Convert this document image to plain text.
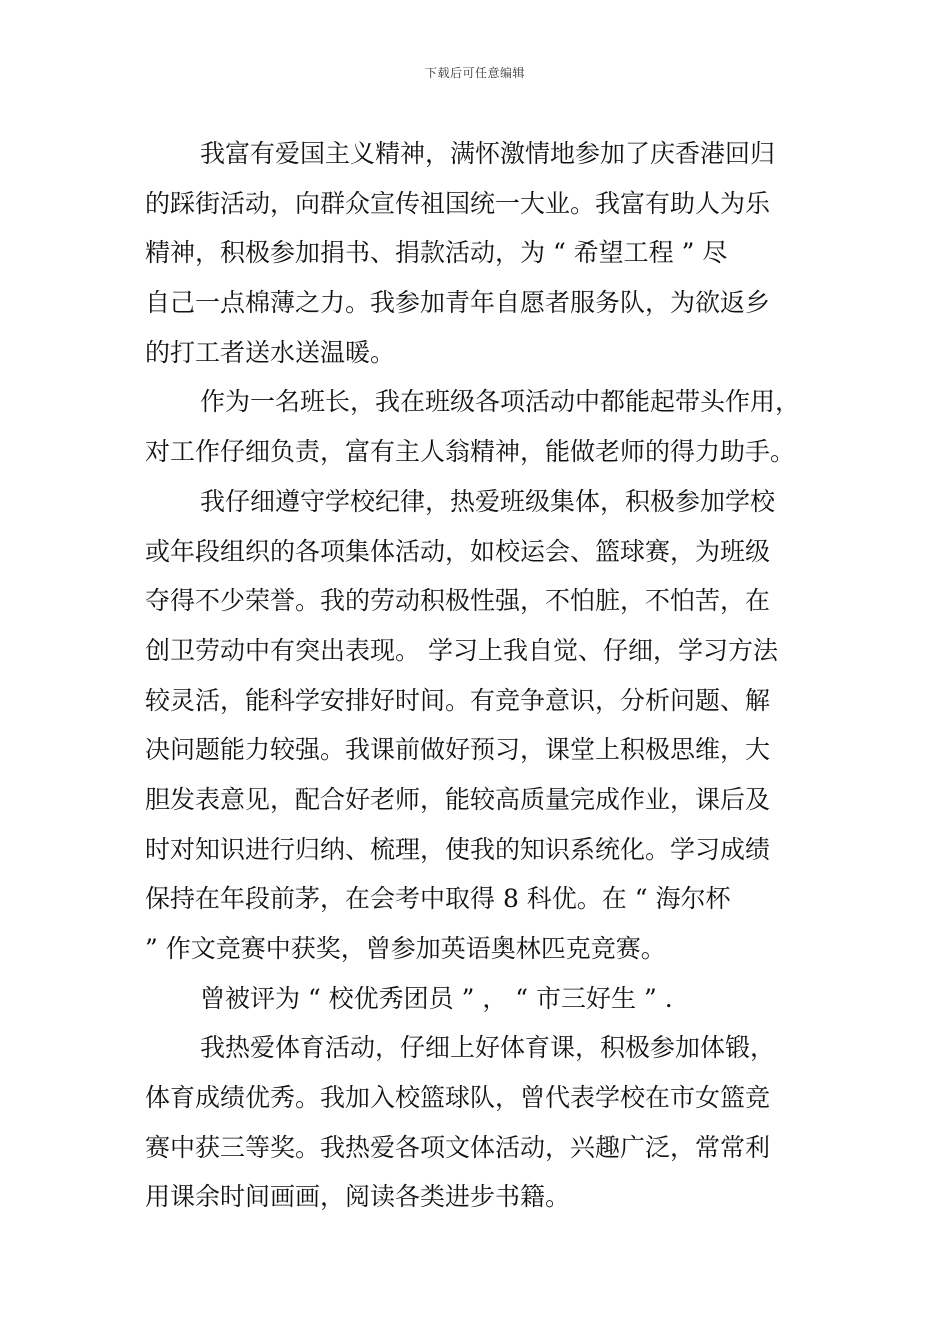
下载后可任意编辑
我富有爱国主义精神，满怀激情地参加了庆香港回归
的踩街活动，向群众宣传祖国统一大业。我富有助人为乐
精神，积极参加捐书、捐款活动，为 “ 希望工程 ” 尽
自己一点棉薄之力。我参加青年自愿者服务队，为欲返乡
的打工者送水送温暖。
作为一名班长，我在班级各项活动中都能起带头作用，
对工作仔细负责，富有主人翁精神，能做老师的得力助手。
我仔细遵守学校纪律，热爱班级集体，积极参加学校
或年段组织的各项集体活动，如校运会、篮球赛，为班级
夺得不少荣誉。我的劳动积极性强，不怕脏，不怕苦，在
创卫劳动中有突出表现。 学习上我自觉、仔细，学习方法
较灵活，能科学安排好时间。有竞争意识，分析问题、解
决问题能力较强。我课前做好预习，课堂上积极思维，大
胆发表意见，配合好老师，能较高质量完成作业，课后及
时对知识进行归纳、梳理，使我的知识系统化。学习成绩
保持在年段前茅，在会考中取得 8 科优。在 “ 海尔杯
” 作文竞赛中获奖，曾参加英语奥林匹克竞赛。
曾被评为 “ 校优秀团员 ” ， “ 市三好生 ” .
我热爱体育活动，仔细上好体育课，积极参加体锻，
体育成绩优秀。我加入校篮球队，曾代表学校在市女篮竞
赛中获三等奖。我热爱各项文体活动，兴趣广泛，常常利
用课余时间画画，阅读各类进步书籍。
